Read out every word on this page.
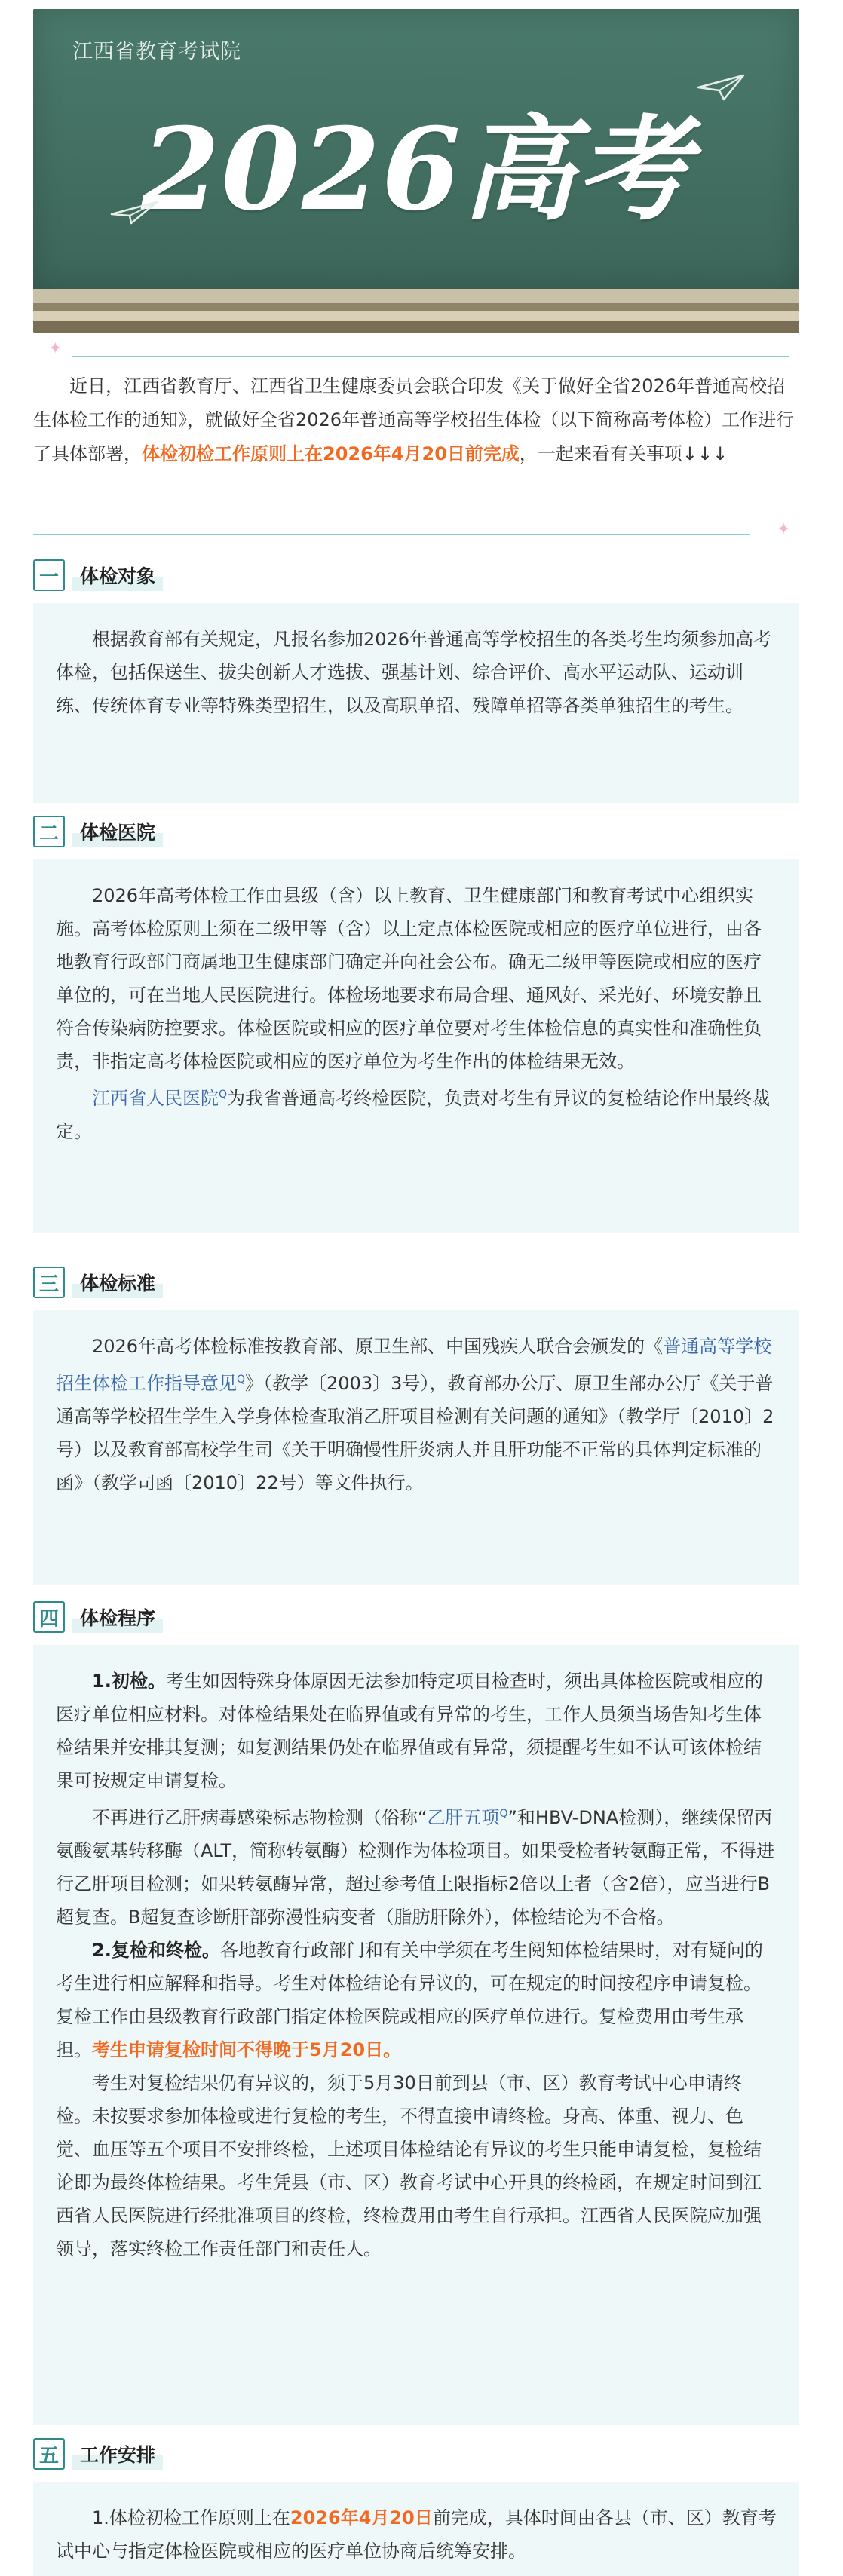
江西省教育考试院
2026高考
✦
近日，江西省教育厅、江西省卫生健康委员会联合印发《关于做好全省2026年普通高校招生体检工作的通知》，就做好全省2026年普通高等学校招生体检（以下简称高考体检）工作进行了具体部署，体检初检工作原则上在2026年4月20日前完成，一起来看有关事项↓↓↓
✦
一	体检对象

根据教育部有关规定，凡报名参加2026年普通高等学校招生的各类考生均须参加高考体检，包括保送生、拔尖创新人才选拔、强基计划、综合评价、高水平运动队、运动训练、传统体育专业等特殊类型招生，以及高职单招、残障单招等各类单独招生的考生。

二	体检医院

2026年高考体检工作由县级（含）以上教育、卫生健康部门和教育考试中心组织实施。高考体检原则上须在二级甲等（含）以上定点体检医院或相应的医疗单位进行，由各地教育行政部门商属地卫生健康部门确定并向社会公布。确无二级甲等医院或相应的医疗单位的，可在当地人民医院进行。体检场地要求布局合理、通风好、采光好、环境安静且符合传染病防控要求。体检医院或相应的医疗单位要对考生体检信息的真实性和准确性负责，非指定高考体检医院或相应的医疗单位为考生作出的体检结果无效。

江西省人民医院$^Q$为我省普通高考终检医院，负责对考生有异议的复检结论作出最终裁定。

三	体检标准

2026年高考体检标准按教育部、原卫生部、中国残疾人联合会颁发的《普通高等学校招生体检工作指导意见$^Q$》（教学〔2003〕3号），教育部办公厅、原卫生部办公厅《关于普通高等学校招生学生入学身体检查取消乙肝项目检测有关问题的通知》（教学厅〔2010〕2号）以及教育部高校学生司《关于明确慢性肝炎病人并且肝功能不正常的具体判定标准的函》（教学司函〔2010〕22号）等文件执行。

四	体检程序

1.初检。考生如因特殊身体原因无法参加特定项目检查时，须出具体检医院或相应的医疗单位相应材料。对体检结果处在临界值或有异常的考生，工作人员须当场告知考生体检结果并安排其复测；如复测结果仍处在临界值或有异常，须提醒考生如不认可该体检结果可按规定申请复检。

不再进行乙肝病毒感染标志物检测（俗称“乙肝五项$^Q$”和HBV-DNA检测），继续保留丙氨酸氨基转移酶（ALT，简称转氨酶）检测作为体检项目。如果受检者转氨酶正常，不得进行乙肝项目检测；如果转氨酶异常，超过参考值上限指标2倍以上者（含2倍），应当进行B超复查。B超复查诊断肝部弥漫性病变者（脂肪肝除外），体检结论为不合格。

2.复检和终检。各地教育行政部门和有关中学须在考生阅知体检结果时，对有疑问的考生进行相应解释和指导。考生对体检结论有异议的，可在规定的时间按程序申请复检。复检工作由县级教育行政部门指定体检医院或相应的医疗单位进行。复检费用由考生承担。考生申请复检时间不得晚于5月20日。

考生对复检结果仍有异议的，须于5月30日前到县（市、区）教育考试中心申请终检。未按要求参加体检或进行复检的考生，不得直接申请终检。身高、体重、视力、色觉、血压等五个项目不安排终检，上述项目体检结论有异议的考生只能申请复检，复检结论即为最终体检结果。考生凭县（市、区）教育考试中心开具的终检函，在规定时间到江西省人民医院进行经批准项目的终检，终检费用由考生自行承担。江西省人民医院应加强领导，落实终检工作责任部门和责任人。

五	工作安排

1.体检初检工作原则上在2026年4月20日前完成，具体时间由各县（市、区）教育考试中心与指定体检医院或相应的医疗单位协商后统筹安排。
